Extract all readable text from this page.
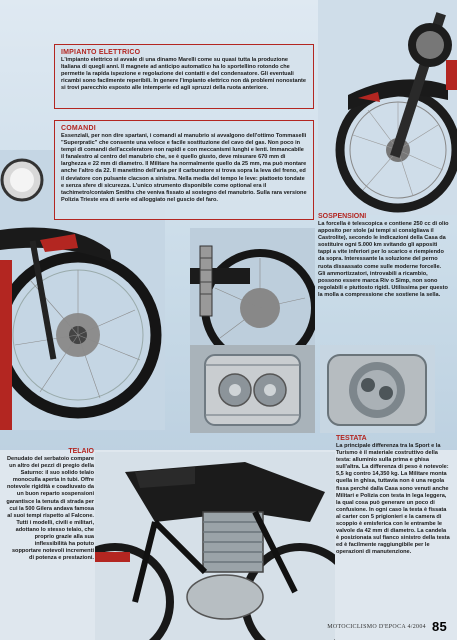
IMPIANTO ELETTRICO
L'impianto elettrico si avvale di una dinamo Marelli come su quasi tutta la produzione Italiana di quegli anni. Il magnete ad anticipo automatico ha lo sportellino rotondo che permette la rapida ispezione e regolazione dei contatti e del condensatore. Gli eventuali ricambi sono facilmente reperibili. In genere l'impianto elettrico non dà problemi nonostante si trovi parecchio esposto alle intemperie ed agli spruzzi della ruota anteriore.
COMANDI
Essenziali, per non dire spartani, i comandi al manubrio si avvalgono dell'ottimo Tommaselli "Superpratic" che consente una veloce e facile sostituzione del cavo del gas. Non poco in tempi di comandi dell'acceleratore non rapidi e con meccanismi lunghi e lenti. Immancabile il fanalestro al centro del manubrio che, se è quello giusto, deve misurare 670 mm di larghezza e 22 mm di diametro. Il Militare ha normalmente quello da 25 mm, ma può montare anche l'altro da 22. Il manettino dell'aria per il carburatore si trova sopra la leva del freno, ed il deviatore con pulsante clacson a sinistra. Nella media del tempo le leve: piattoeto tondate e senza sfere di sicurezza. L'unico strumento disponibile come optional era il tachimetro/contakm Smiths che veniva fissato al sostegno del manubrio. Sulla rara versione Polizia Trieste era di serie ed alloggiato nel guscio del faro.
SOSPENSIONI
La forcella è telescopica e contiene 250 cc di olio apposito per stole (ai tempi si consigliava il Castrolite), secondo le indicazioni della Casa da sostituire ogni 5.000 km svitando gli appositi tappi a vite inferiori per lo scarico e riempiendo da sopra. Interessante la soluzione del perno ruota dissassato come sulle moderne forcelle. Gli ammortizzatori, introvabili a ricambio, possono essere marca Riv o Simp, non sono regolabili e piuttosto rigidi. Utilissima per questo la molla a compressione che sostiene la sella.
TELAIO
Denudato del serbatoio compare un altro dei pezzi di pregio della Saturno: il suo solido telaio monoculla aperta in tubi. Offre notevole rigidità e coadiuvato da un buon reparto sospensioni garantisce la tenuta di strada per cui la 500 Gilera andava famosa al suoi tempi rispetto al Falcone. Tutti i modelli, civili e militari, adottano lo stesso telaio, che proprio grazie alla sua inflessibilità ha potuto sopportare notevoli incrementi di potenza e prestazioni.
TESTATA
La principale differenza tra la Sport e la Turismo è il materiale costruttivo della testa: alluminio sulla prima e ghisa sull'altra. La differenza di peso è notevole: 5,5 kg contro 14,350 kg. La Militare monta quella in ghisa, tuttavia non è una regola fissa perché dalla Casa sono venuti anche Militari e Polizia con testa in lega leggera, la qual cosa può generare un poco di confusione. In ogni caso la testa è fissata al carter con 5 prigionieri e la camera di scoppio è emisferica con le entrambe le valvole da 42 mm di diametro. La candela è posizionata sul fianco sinistro della testa ed è facilmente raggiungibile per le operazioni di manutenzione.
MOTOCICLISMO D'EPOCA 4/2004 85
